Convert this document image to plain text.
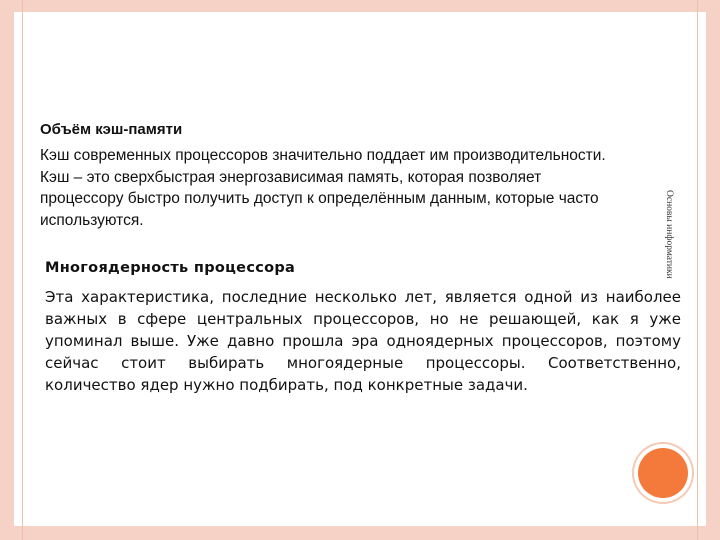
Объём кэш-памяти

Кэш современных процессоров значительно поддает им производительности. Кэш – это сверхбыстрая энергозависимая память, которая позволяет процессору быстро получить доступ к определённым данным, которые часто используются.	Основы информатики

Многоядерность процессора

Эта характеристика, последние несколько лет, является одной из наиболее важных в сфере центральных процессоров, но не решающей, как я уже упоминал выше. Уже давно прошла эра одноядерных процессоров, поэтому сейчас стоит выбирать многоядерные процессоры. Соответственно, количество ядер нужно подбирать, под конкретные задачи.
